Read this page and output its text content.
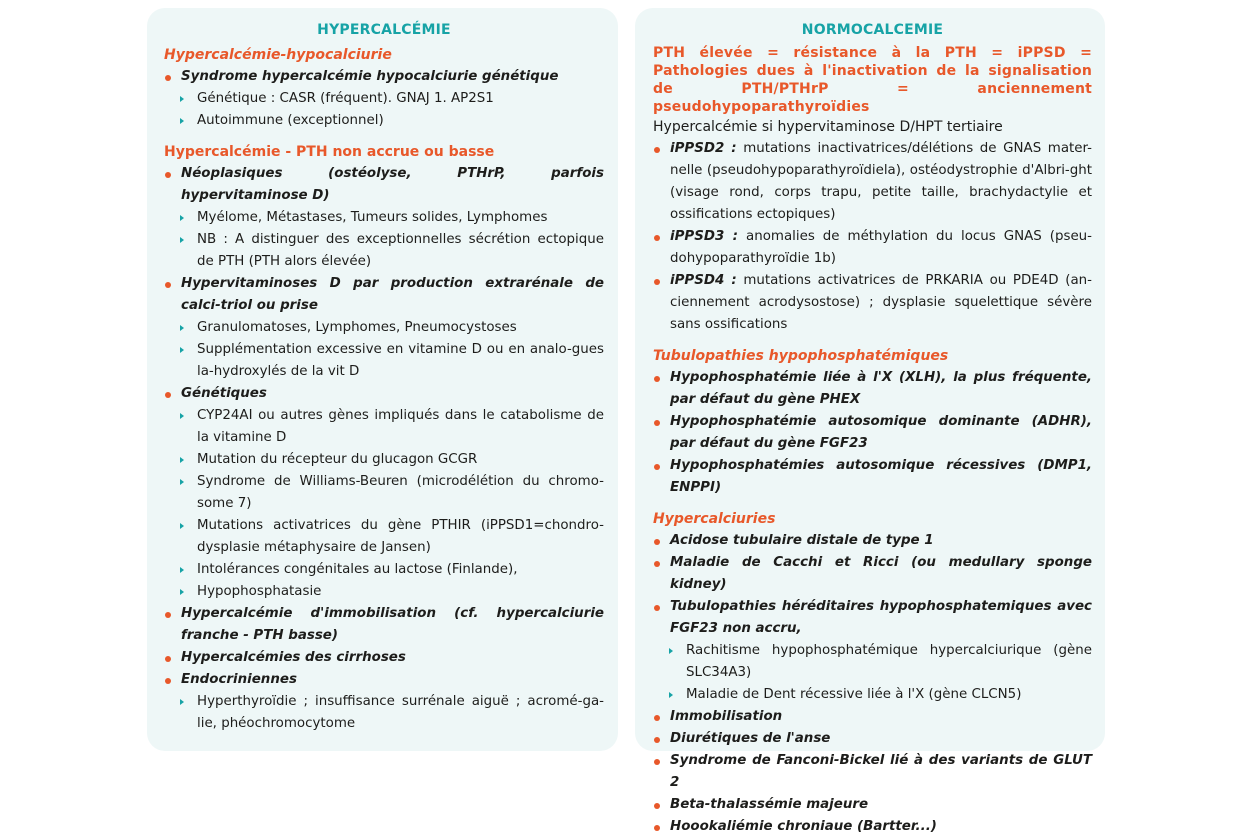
HYPERCALCÉMIE
Hypercalcémie-hypocalciurie
Syndrome hypercalcémie hypocalciurie génétique
Génétique : CASR (fréquent). GNAJ 1. AP2S1
Autoimmune (exceptionnel)
Hypercalcémie - PTH non accrue ou basse
Néoplasiques (ostéolyse, PTHrP, parfois hypervitaminose D)
Myélome, Métastases, Tumeurs solides, Lymphomes
NB : A distinguer des exceptionnelles sécrétion ectopique de PTH (PTH alors élevée)
Hypervitaminoses D par production extrarénale de calci-triol ou prise
Granulomatoses, Lymphomes, Pneumocystoses
Supplémentation excessive en vitamine D ou en analo-gues la-hydroxylés de la vit D
Génétiques
CYP24AI ou autres gènes impliqués dans le catabolisme de la vitamine D
Mutation du récepteur du glucagon GCGR
Syndrome de Williams-Beuren (microdélétion du chromo-some 7)
Mutations activatrices du gène PTHIR (iPPSD1=chondro-dysplasie métaphysaire de Jansen)
Intolérances congénitales au lactose (Finlande),
Hypophosphatasie
Hypercalcémie d'immobilisation (cf. hypercalciurie franche - PTH basse)
Hypercalcémies des cirrhoses
Endocriniennes
Hyperthyroïdie ; insuffisance surrénale aiguë ; acromé-ga-lie, phéochromocytome
NORMOCALCEMIE
PTH élevée = résistance à la PTH = iPPSD = Pathologies dues à l'inactivation de la signalisation de PTH/PTHrP = anciennement pseudohypoparathyroïdies
Hypercalcémie si hypervitaminose D/HPT tertiaire
iPPSD2 : mutations inactivatrices/délétions de GNAS mater-nelle (pseudohypoparathyroïdiela), ostéodystrophie d'Albri-ght (visage rond, corps trapu, petite taille, brachydactylie et ossifications ectopiques)
iPPSD3 : anomalies de méthylation du locus GNAS (pseu-dohypoparathyroïdie 1b)
iPPSD4 : mutations activatrices de PRKARIA ou PDE4D (an-ciennement acrodysostose) ; dysplasie squelettique sévère sans ossifications
Tubulopathies hypophosphatémiques
Hypophosphatémie liée à l'X (XLH), la plus fréquente, par défaut du gène PHEX
Hypophosphatémie autosomique dominante (ADHR), par défaut du gène FGF23
Hypophosphatémies autosomique récessives (DMP1, ENPPI)
Hypercalciuries
Acidose tubulaire distale de type 1
Maladie de Cacchi et Ricci (ou medullary sponge kidney)
Tubulopathies héréditaires hypophosphatemiques avec FGF23 non accru,
Rachitisme hypophosphatémique hypercalciurique (gène SLC34A3)
Maladie de Dent récessive liée à l'X (gène CLCN5)
Immobilisation
Diurétiques de l'anse
Syndrome de Fanconi-Bickel lié à des variants de GLUT 2
Beta-thalassémie majeure
Hoookaliémie chroniaue (Bartter...)
